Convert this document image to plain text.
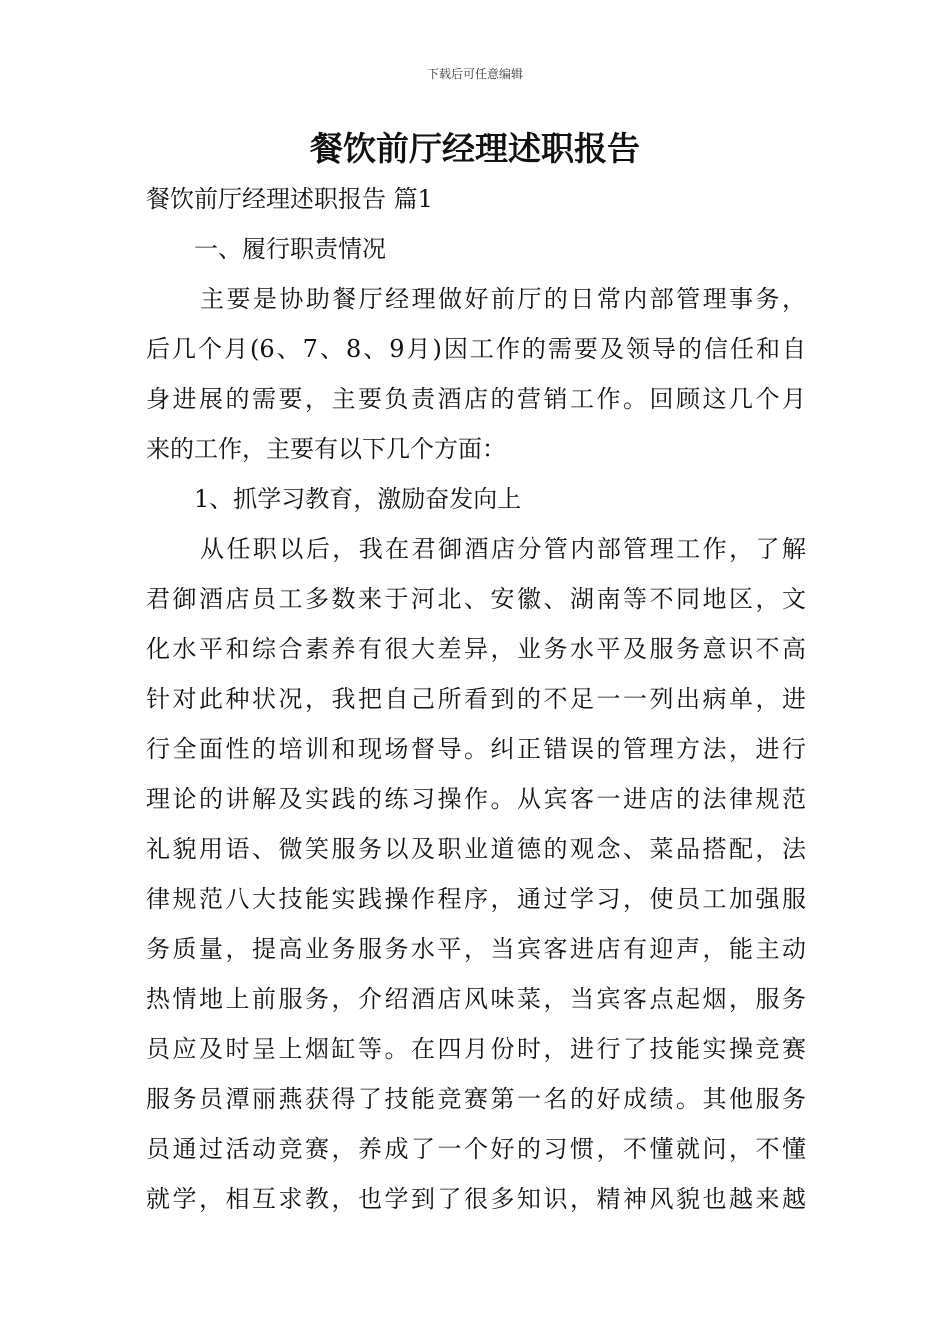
下载后可任意编辑
餐饮前厅经理述职报告

餐饮前厅经理述职报告 篇1

一、履行职责情况

主要是协助餐厅经理做好前厅的日常内部管理事务，

后几个月(6、7、8、9月)因工作的需要及领导的信任和自

身进展的需要，主要负责酒店的营销工作。回顾这几个月

来的工作，主要有以下几个方面：

1、抓学习教育，激励奋发向上

从任职以后，我在君御酒店分管内部管理工作，了解

君御酒店员工多数来于河北、安徽、湖南等不同地区，文

化水平和综合素养有很大差异，业务水平及服务意识不高

针对此种状况，我把自己所看到的不足一一列出病单，进

行全面性的培训和现场督导。纠正错误的管理方法，进行

理论的讲解及实践的练习操作。从宾客一进店的法律规范

礼貌用语、微笑服务以及职业道德的观念、菜品搭配，法

律规范八大技能实践操作程序，通过学习，使员工加强服

务质量，提高业务服务水平，当宾客进店有迎声，能主动

热情地上前服务，介绍酒店风味菜，当宾客点起烟，服务

员应及时呈上烟缸等。在四月份时，进行了技能实操竞赛

服务员潭丽燕获得了技能竞赛第一名的好成绩。其他服务

员通过活动竞赛，养成了一个好的习惯，不懂就问，不懂

就学，相互求教，也学到了很多知识，精神风貌也越来越
